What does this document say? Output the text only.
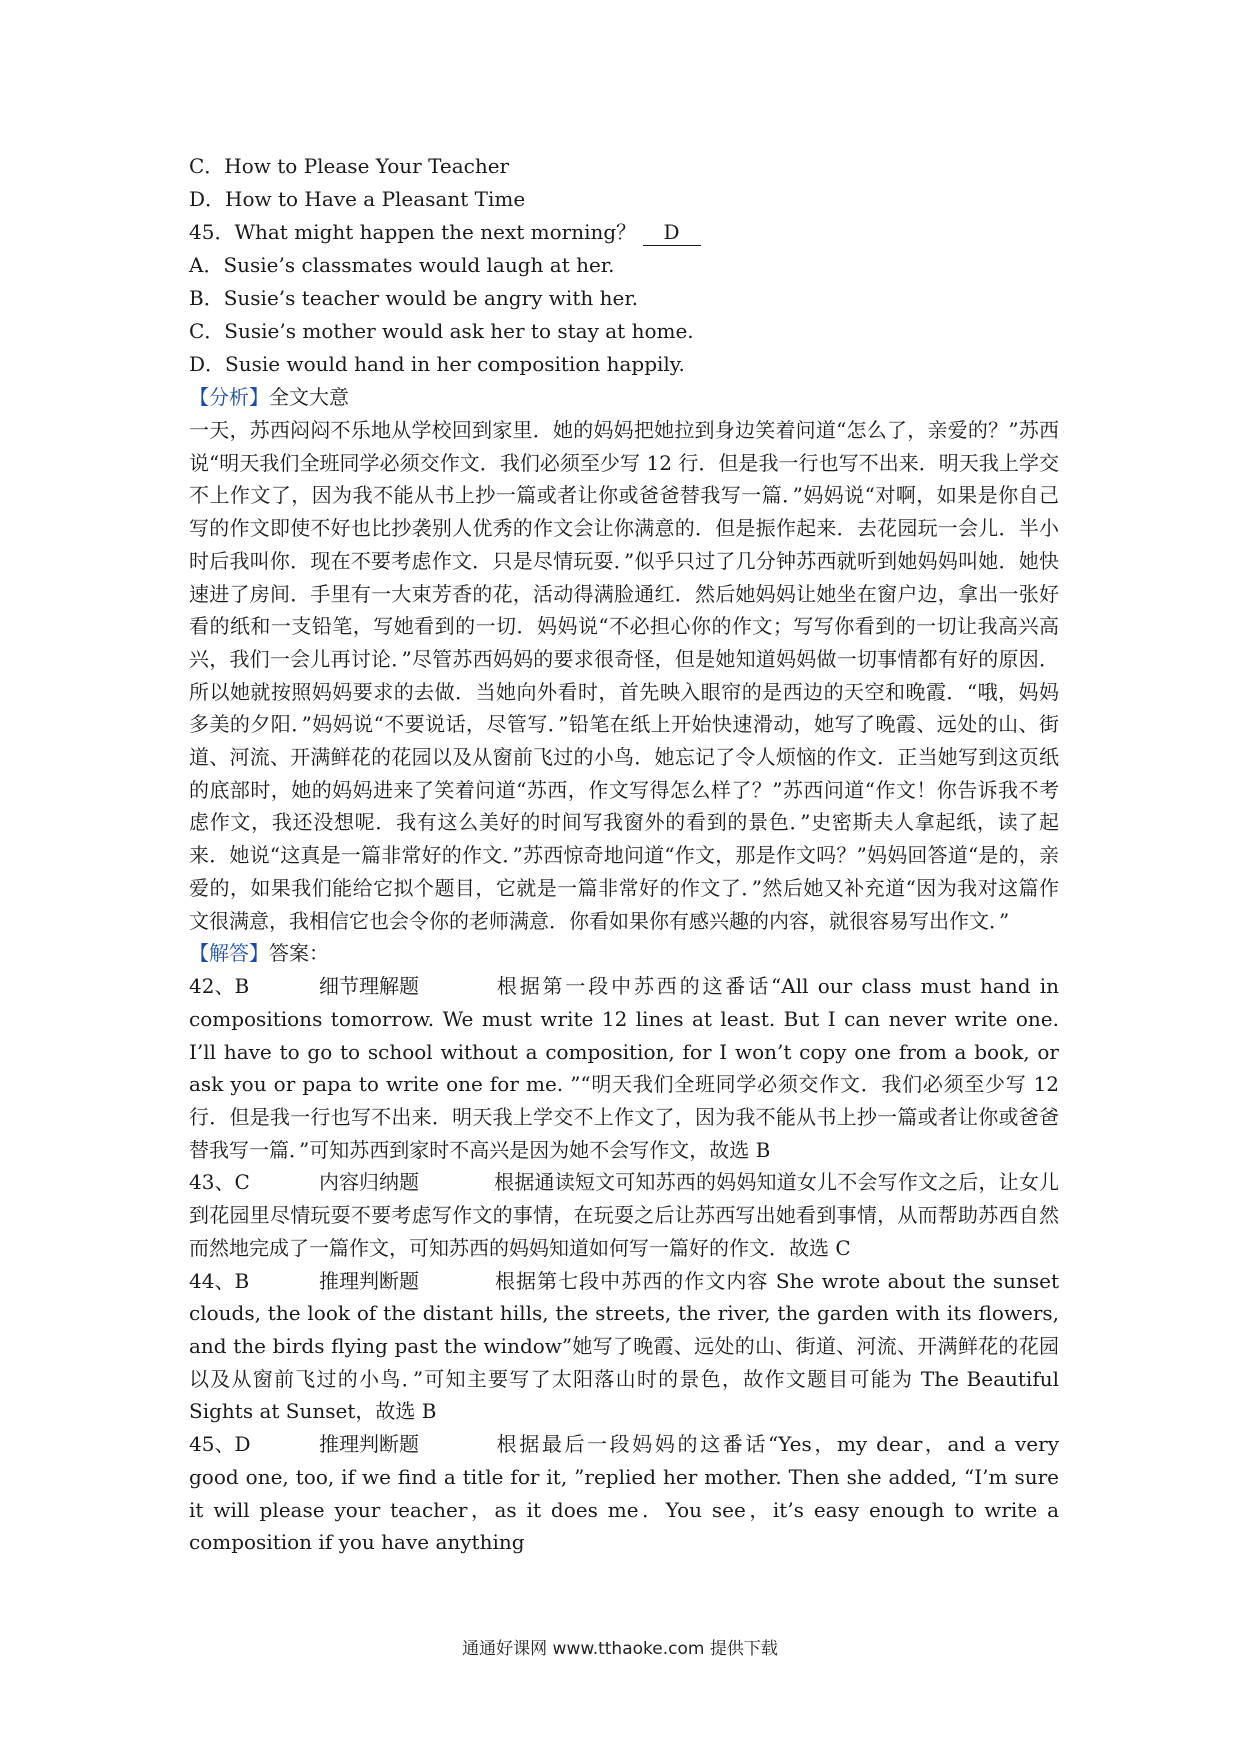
C．How to Please Your Teacher
D．How to Have a Pleasant Time
45．What might happen the next morning？ D
A．Susie’s classmates would laugh at her.
B．Susie’s teacher would be angry with her.
C．Susie’s mother would ask her to stay at home.
D．Susie would hand in her composition happily.
【分析】全文大意
一天，苏西闷闷不乐地从学校回到家里．她的妈妈把她拉到身边笑着问道“怎么了，亲爱的？”苏西说“明天我们全班同学必须交作文．我们必须至少写 12 行．但是我一行也写不出来．明天我上学交不上作文了，因为我不能从书上抄一篇或者让你或爸爸替我写一篇．”妈妈说“对啊，如果是你自己写的作文即使不好也比抄袭别人优秀的作文会让你满意的．但是振作起来．去花园玩一会儿．半小时后我叫你．现在不要考虑作文．只是尽情玩耍．”似乎只过了几分钟苏西就听到她妈妈叫她．她快速进了房间．手里有一大束芳香的花，活动得满脸通红．然后她妈妈让她坐在窗户边，拿出一张好看的纸和一支铅笔，写她看到的一切．妈妈说“不必担心你的作文；写写你看到的一切让我高兴高兴，我们一会儿再讨论．”尽管苏西妈妈的要求很奇怪，但是她知道妈妈做一切事情都有好的原因．所以她就按照妈妈要求的去做．当她向外看时，首先映入眼帘的是西边的天空和晚霞．“哦，妈妈多美的夕阳．”妈妈说“不要说话，尽管写．”铅笔在纸上开始快速滑动，她写了晚霞、远处的山、街道、河流、开满鲜花的花园以及从窗前飞过的小鸟．她忘记了令人烦恼的作文．正当她写到这页纸的底部时，她的妈妈进来了笑着问道“苏西，作文写得怎么样了？”苏西问道“作文！你告诉我不考虑作文，我还没想呢．我有这么美好的时间写我窗外的看到的景色．”史密斯夫人拿起纸，读了起来．她说“这真是一篇非常好的作文．”苏西惊奇地问道“作文，那是作文吗？”妈妈回答道“是的，亲爱的，如果我们能给它拟个题目，它就是一篇非常好的作文了．”然后她又补充道“因为我对这篇作文很满意，我相信它也会令你的老师满意．你看如果你有感兴趣的内容，就很容易写出作文．”
【解答】答案：
42、B	细节理解题	根据第一段中苏西的这番话“All our class must hand in compositions tomorrow. We must write 12 lines at least. But I can never write one. I’ll have to go to school without a composition, for I won’t copy one from a book, or ask you or papa to write one for me. ”“明天我们全班同学必须交作文．我们必须至少写 12 行．但是我一行也写不出来．明天我上学交不上作文了，因为我不能从书上抄一篇或者让你或爸爸替我写一篇．”可知苏西到家时不高兴是因为她不会写作文，故选 B
43、C	内容归纳题	根据通读短文可知苏西的妈妈知道女儿不会写作文之后，让女儿到花园里尽情玩耍不要考虑写作文的事情，在玩耍之后让苏西写出她看到事情，从而帮助苏西自然而然地完成了一篇作文，可知苏西的妈妈知道如何写一篇好的作文．故选 C
44、B	推理判断题	根据第七段中苏西的作文内容 She wrote about the sunset clouds, the look of the distant hills, the streets, the river, the garden with its flowers, and the birds flying past the window”她写了晚霞、远处的山、街道、河流、开满鲜花的花园以及从窗前飞过的小鸟．”可知主要写了太阳落山时的景色，故作文题目可能为 The Beautiful Sights at Sunset，故选 B
45、D	推理判断题	根据最后一段妈妈的这番话“Yes，my dear，and a very good one, too, if we find a title for it, ”replied her mother. Then she added, “I’m sure it will please your teacher，as it does me．You see，it’s easy enough to write a composition if you have anything
通通好课网 www.tthaoke.com 提供下载
